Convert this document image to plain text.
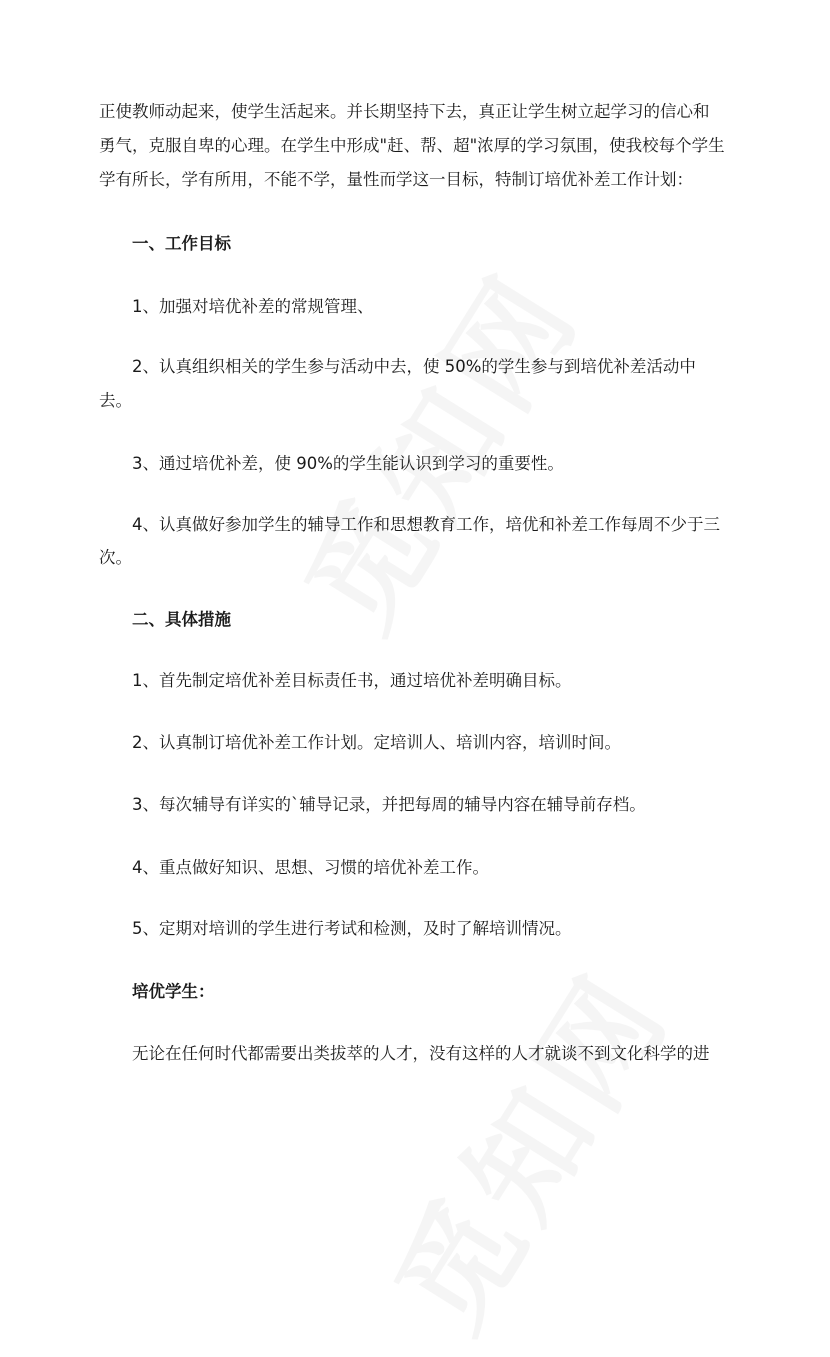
正使教师动起来，使学生活起来。并长期坚持下去，真正让学生树立起学习的信心和
勇气，克服自卑的心理。在学生中形成"赶、帮、超"浓厚的学习氛围，使我校每个学生
学有所长，学有所用，不能不学，量性而学这一目标，特制订培优补差工作计划：
一、工作目标
1、加强对培优补差的常规管理、
2、认真组织相关的学生参与活动中去，使 50%的学生参与到培优补差活动中
去。
3、通过培优补差，使 90%的学生能认识到学习的重要性。
4、认真做好参加学生的辅导工作和思想教育工作，培优和补差工作每周不少于三
次。
二、具体措施
1、首先制定培优补差目标责任书，通过培优补差明确目标。
2、认真制订培优补差工作计划。定培训人、培训内容，培训时间。
3、每次辅导有详实的`辅导记录，并把每周的辅导内容在辅导前存档。
4、重点做好知识、思想、习惯的培优补差工作。
5、定期对培训的学生进行考试和检测，及时了解培训情况。
培优学生：
无论在任何时代都需要出类拔萃的人才，没有这样的人才就谈不到文化科学的进
